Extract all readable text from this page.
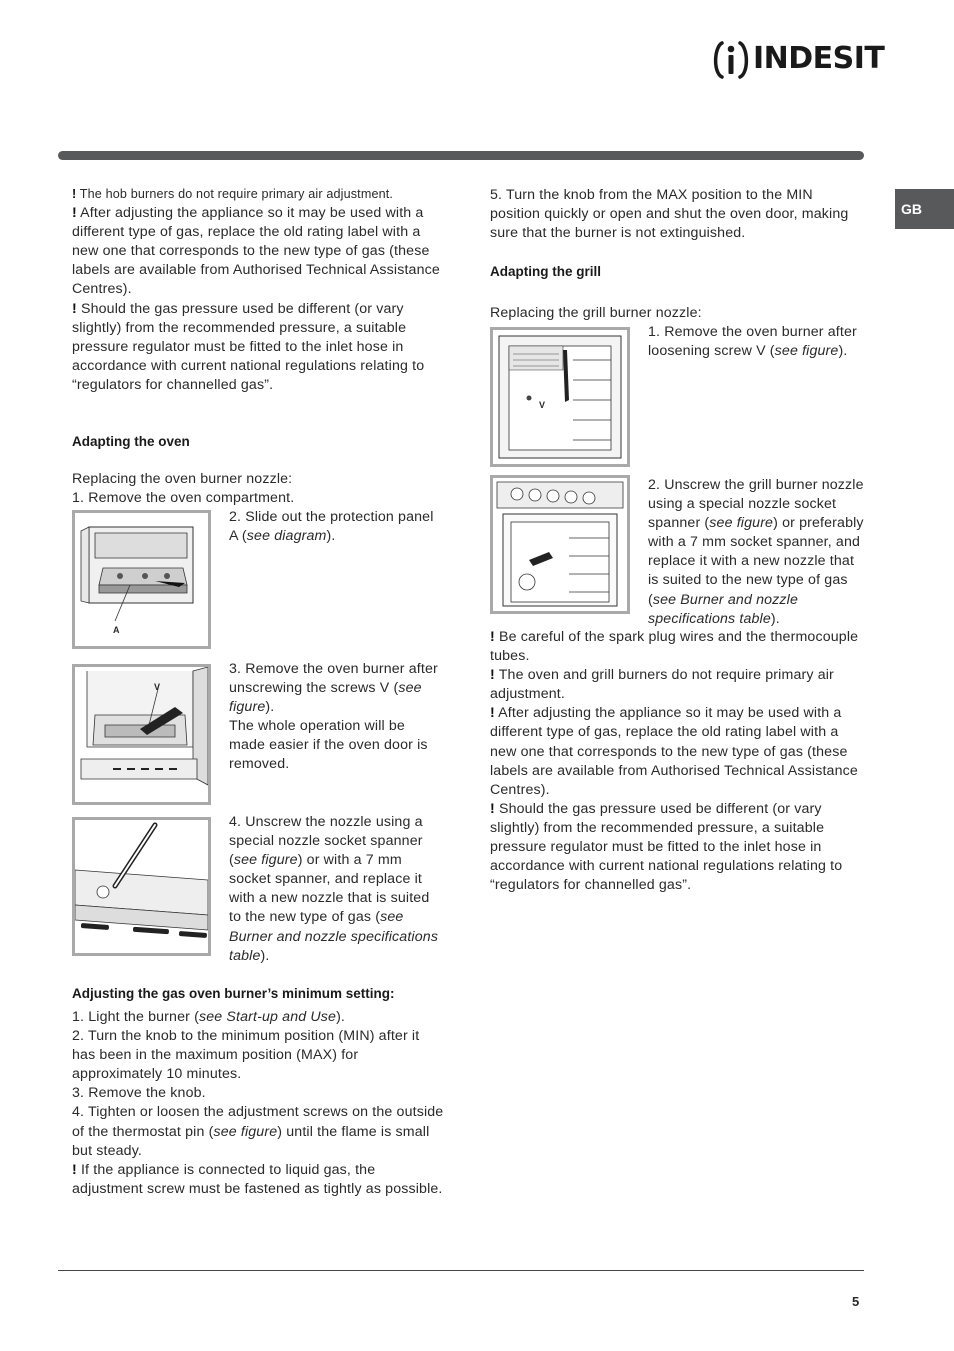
INDESIT
GB

! The hob burners do not require primary air adjustment.

! After adjusting the appliance so it may be used with a different type of gas, replace the old rating label with a new one that corresponds to the new type of gas (these labels are available from Authorised Technical Assistance Centres).

! Should the gas pressure used be different (or vary slightly) from the recommended pressure, a suitable pressure regulator must be fitted to the inlet hose in accordance with current national regulations relating to “regulators for channelled gas”.

Adapting the oven

Replacing the oven burner nozzle:

1. Remove the oven compartment.

A

2. Slide out the protection panel A (see diagram).

V

3. Remove the oven burner after unscrewing the screws V (see figure).

The whole operation will be made easier if the oven door is removed.

4. Unscrew the nozzle using a special nozzle socket spanner (see figure) or with a 7 mm socket spanner, and replace it with a new nozzle that is suited to the new type of gas (see Burner and nozzle specifications table).

Adjusting the gas oven burner’s minimum setting:

1. Light the burner (see Start-up and Use).

2. Turn the knob to the minimum position (MIN) after it has been in the maximum position (MAX) for approximately 10 minutes.

3. Remove the knob.

4. Tighten or loosen the adjustment screws on the outside of the thermostat pin (see figure) until the flame is small but steady.

! If the appliance is connected to liquid gas, the adjustment screw must be fastened as tightly as possible.

5. Turn the knob from the MAX position to the MIN position quickly or open and shut the oven door, making sure that the burner is not extinguished.

Adapting the grill

Replacing the grill burner nozzle:

V

1. Remove the oven burner after loosening screw V (see figure).

2. Unscrew the grill burner nozzle using a special nozzle socket spanner (see figure) or preferably with a 7 mm socket spanner, and replace it with a new nozzle that is suited to the new type of gas (see Burner and nozzle specifications table).

! Be careful of the spark plug wires and the thermocouple tubes.

! The oven and grill burners do not require primary air adjustment.

! After adjusting the appliance so it may be used with a different type of gas, replace the old rating label with a new one that corresponds to the new type of gas (these labels are available from Authorised Technical Assistance Centres).

! Should the gas pressure used be different (or vary slightly) from the recommended pressure, a suitable pressure regulator must be fitted to the inlet hose in accordance with current national regulations relating to “regulators for channelled gas”.

5
